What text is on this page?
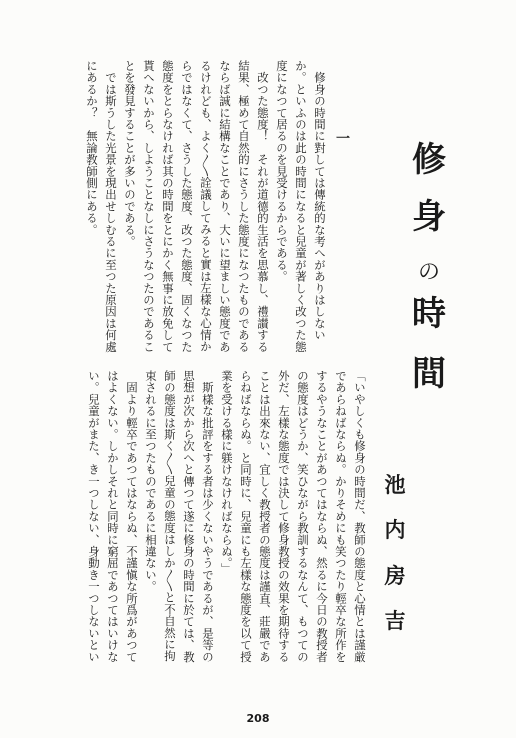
修
身
の
時
間
池
内
房
吉
一
「いやしくも修身の時間だ、教師の態度と心情とは謹厳
であらねばならぬ。かりそめにも笑つたり輕卒な所作を
するやうなことがあつてはならぬ、然るに今日の教授者
の態度はどうか、笑ひながら教訓するなんて、もつての
外だ、左樣な態度では決して修身教授の效果を期待する
ことは出來ない、宜しく教授者の態度は謹直、莊嚴であ
らねばならぬ。と同時に、兒童にも左樣な態度を以て授
業を受ける樣に躾けなければならぬ。」
　斯樣な批評をする者は少くないやうであるが、是等の
思想が次から次へと傳つて遂に修身の時間に於ては、教
師の態度は斯く〳〵兒童の態度はしか〳〵と不自然に拘
束されるに至つたものであるに相違ない。
　固より輕卒であつてはならぬ、不謹愼な所爲があつて
はよくない。しかしそれと同時に窮屈であつてはいけな
い。兒童がまた、き一つしない、身動き一つしないとい
　修身の時間に對しては傳統的な考へがありはしない
か。といふのは此の時間になると兒童が著しく改つた態
度になつて居るのを見受けるからである。
　改つた態度！　それが道德的生活を思慕し、禮讃する
結果、極めて自然的にさうした態度になつたものである
ならば誠に結構なことであり、大いに望ましい態度であ
るけれども、よく〳〵詮議してみると實は左樣な心情か
らではなくて、さうした態度、改つた態度、固くなつた
態度をとらなければ其の時間をとにかく無事に放免して
貰へないから、しようことなしにさうなつたのであるこ
とを發見することが多いのである。
　では斯うした光景を現出せしむるに至つた原因は何處
にあるか？　無論教師側にある。
208
